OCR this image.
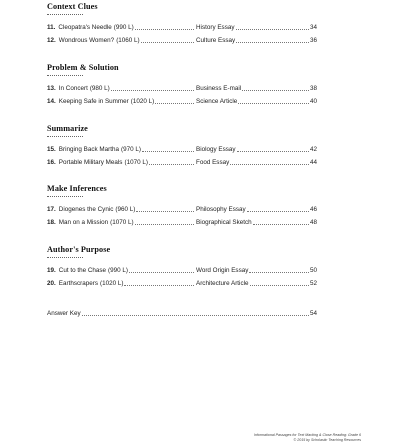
Context Clues
11. Cleopatra's Needle (990 L)	History Essay	34
12. Wondrous Women? (1060 L)	Culture Essay	36
Problem & Solution
13. In Concert (980 L)	Business E-mail	38
14. Keeping Safe in Summer (1020 L)	Science Article	40
Summarize
15. Bringing Back Martha (970 L)	Biology Essay	42
16. Portable Military Meals (1070 L)	Food Essay	44
Make Inferences
17. Diogenes the Cynic (960 L)	Philosophy Essay	46
18. Man on a Mission (1070 L)	Biographical Sketch	48
Author's Purpose
19. Cut to the Chase (990 L)	Word Origin Essay	50
20. Earthscrapers (1020 L)	Architecture Article	52
Answer Key	54
Informational Passages for Text Marking & Close Reading: Grade 6
© 2015 by Scholastic Teaching Resources
